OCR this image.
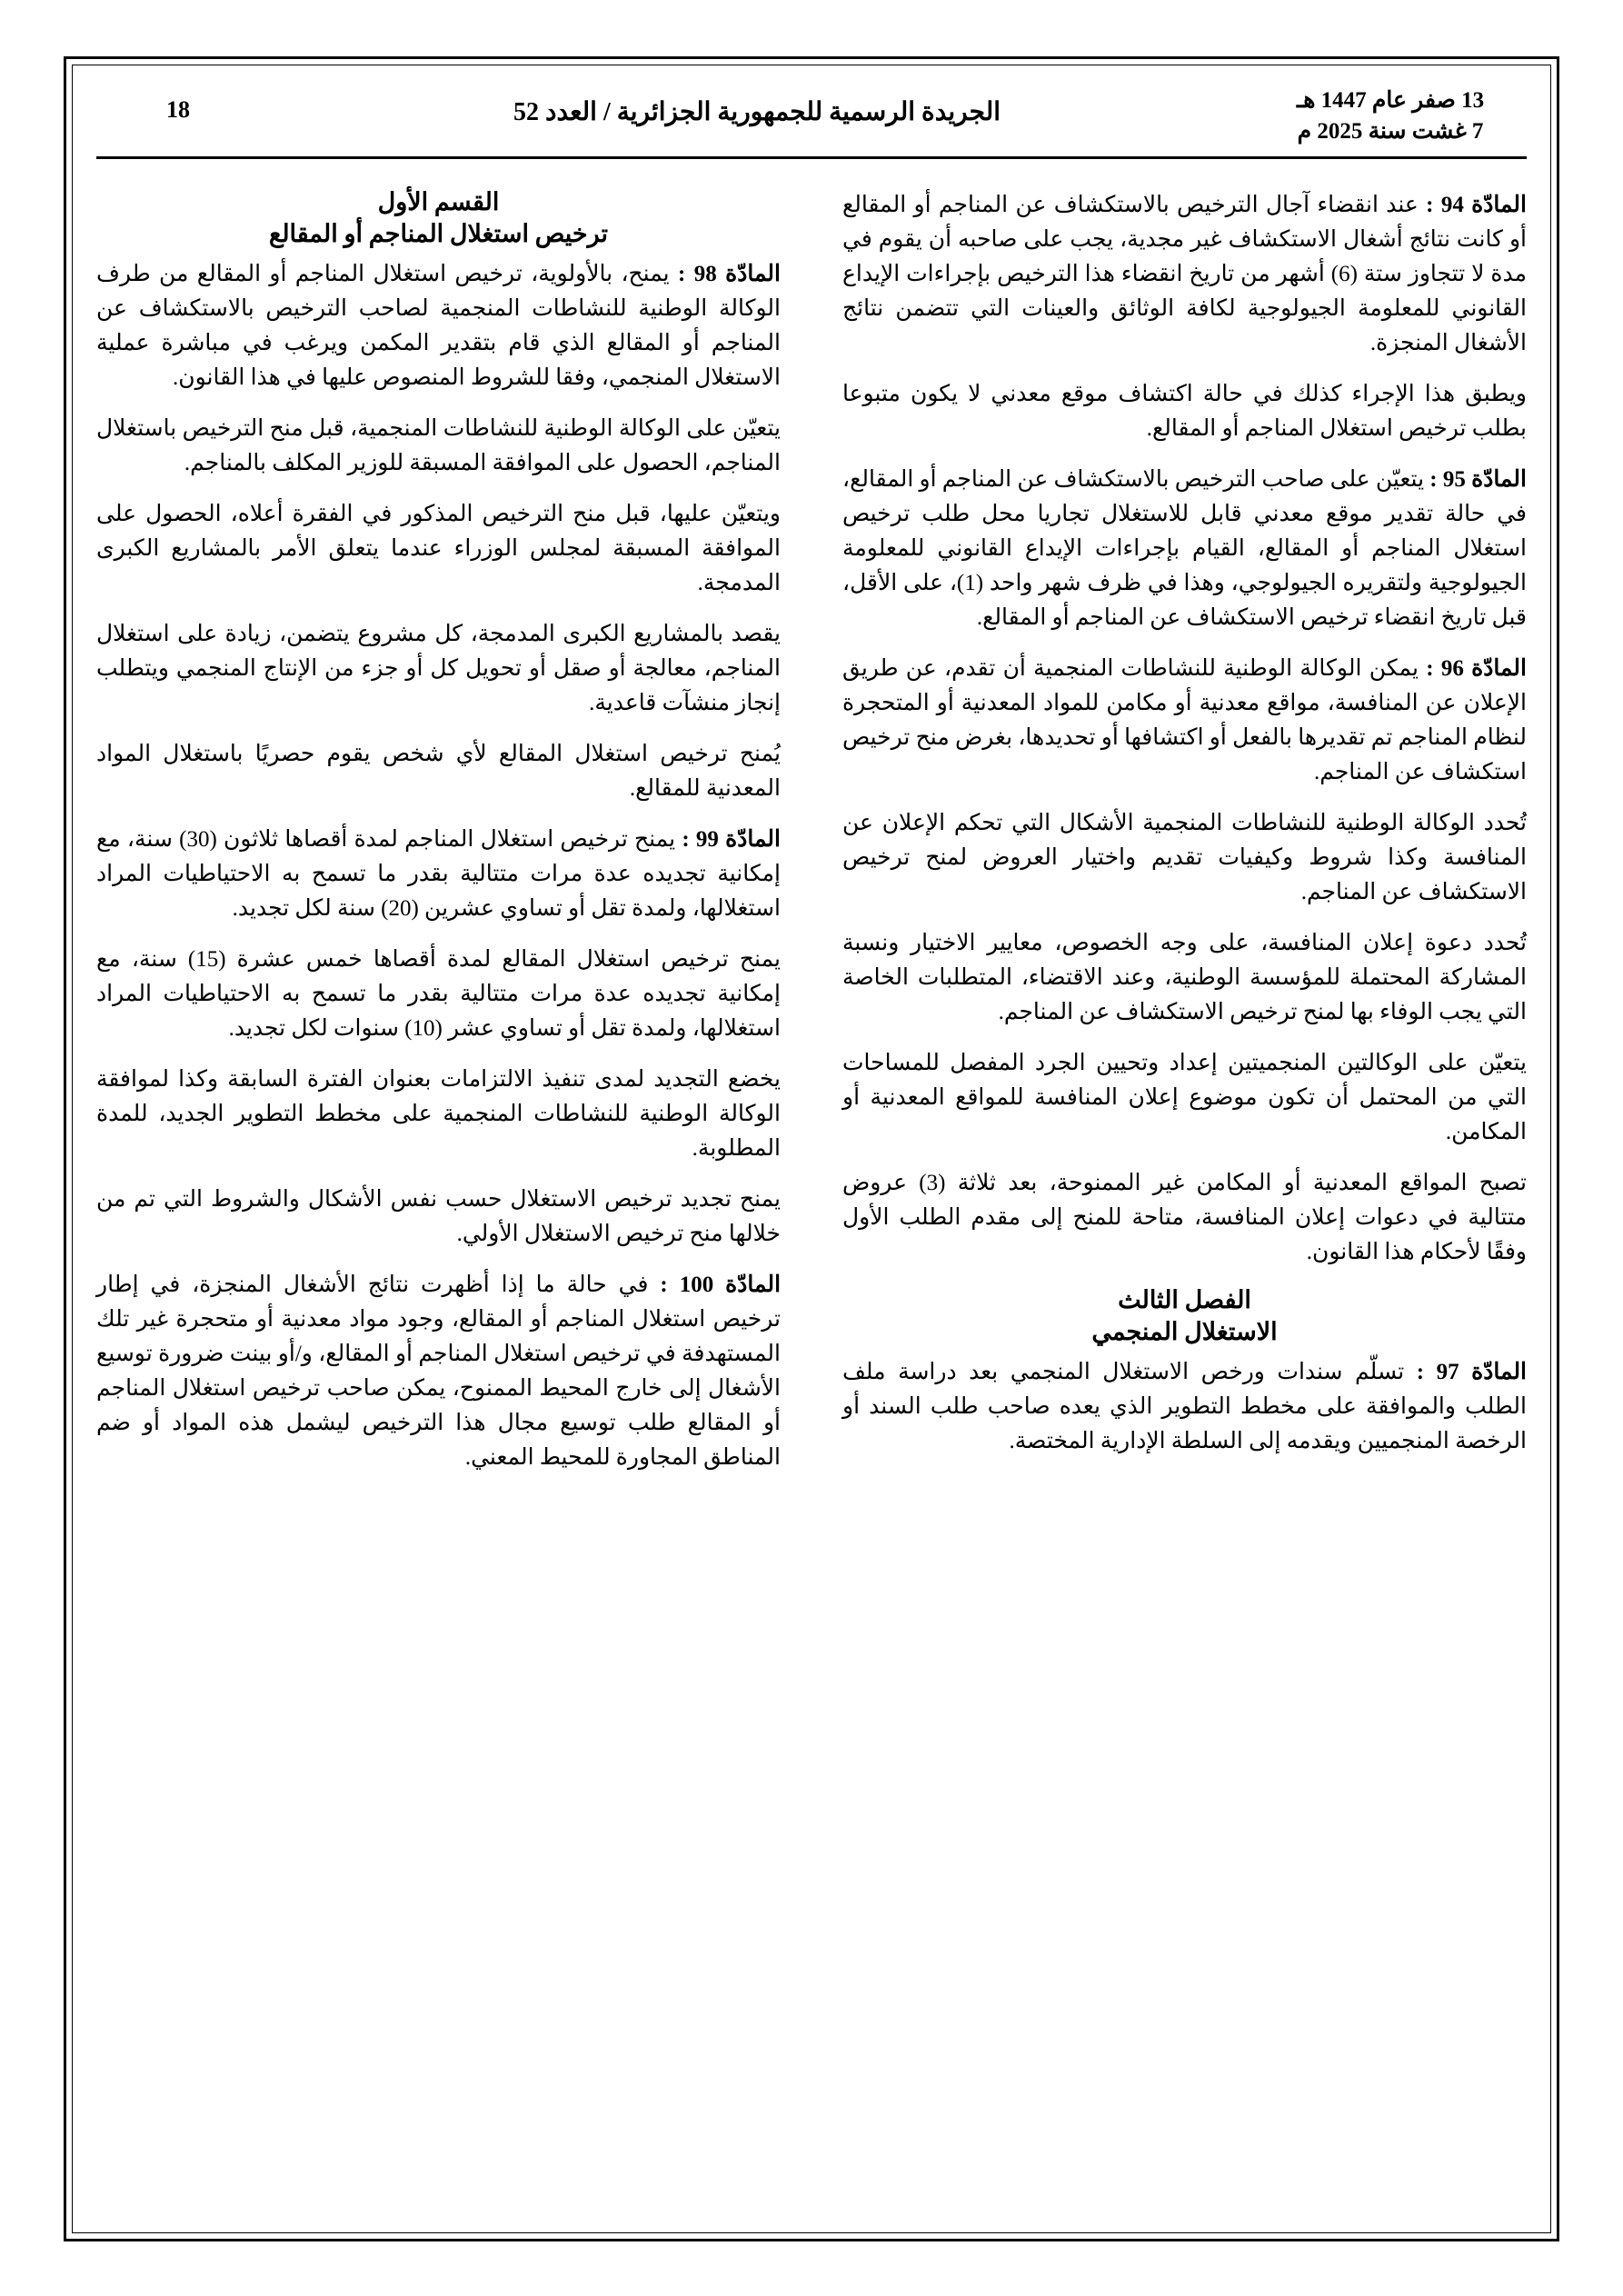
13 صفر عام 1447 هـ
7 غشت سنة 2025 م
الجريدة الرسمية للجمهورية الجزائرية / العدد 52
18

المادّة 94 : عند انقضاء آجال الترخيص بالاستكشاف عن المناجم أو المقالع أو كانت نتائج أشغال الاستكشاف غير مجدية، يجب على صاحبه أن يقوم في مدة لا تتجاوز ستة (6) أشهر من تاريخ انقضاء هذا الترخيص بإجراءات الإيداع القانوني للمعلومة الجيولوجية لكافة الوثائق والعينات التي تتضمن نتائج الأشغال المنجزة.

ويطبق هذا الإجراء كذلك في حالة اكتشاف موقع معدني لا يكون متبوعا بطلب ترخيص استغلال المناجم أو المقالع.

المادّة 95 : يتعيّن على صاحب الترخيص بالاستكشاف عن المناجم أو المقالع، في حالة تقدير موقع معدني قابل للاستغلال تجاريا محل طلب ترخيص استغلال المناجم أو المقالع، القيام بإجراءات الإيداع القانوني للمعلومة الجيولوجية ولتقريره الجيولوجي، وهذا في ظرف شهر واحد (1)، على الأقل، قبل تاريخ انقضاء ترخيص الاستكشاف عن المناجم أو المقالع.

المادّة 96 : يمكن الوكالة الوطنية للنشاطات المنجمية أن تقدم، عن طريق الإعلان عن المنافسة، مواقع معدنية أو مكامن للمواد المعدنية أو المتحجرة لنظام المناجم تم تقديرها بالفعل أو اكتشافها أو تحديدها، بغرض منح ترخيص استكشاف عن المناجم.

تُحدد الوكالة الوطنية للنشاطات المنجمية الأشكال التي تحكم الإعلان عن المنافسة وكذا شروط وكيفيات تقديم واختيار العروض لمنح ترخيص الاستكشاف عن المناجم.

تُحدد دعوة إعلان المنافسة، على وجه الخصوص، معايير الاختيار ونسبة المشاركة المحتملة للمؤسسة الوطنية، وعند الاقتضاء، المتطلبات الخاصة التي يجب الوفاء بها لمنح ترخيص الاستكشاف عن المناجم.

يتعيّن على الوكالتين المنجميتين إعداد وتحيين الجرد المفصل للمساحات التي من المحتمل أن تكون موضوع إعلان المنافسة للمواقع المعدنية أو المكامن.

تصبح المواقع المعدنية أو المكامن غير الممنوحة، بعد ثلاثة (3) عروض متتالية في دعوات إعلان المنافسة، متاحة للمنح إلى مقدم الطلب الأول وفقًا لأحكام هذا القانون.

الفصل الثالث
الاستغلال المنجمي

المادّة 97 : تسلّم سندات ورخص الاستغلال المنجمي بعد دراسة ملف الطلب والموافقة على مخطط التطوير الذي يعده صاحب طلب السند أو الرخصة المنجميين ويقدمه إلى السلطة الإدارية المختصة.

القسم الأول
ترخيص استغلال المناجم أو المقالع

المادّة 98 : يمنح، بالأولوية، ترخيص استغلال المناجم أو المقالع من طرف الوكالة الوطنية للنشاطات المنجمية لصاحب الترخيص بالاستكشاف عن المناجم أو المقالع الذي قام بتقدير المكمن ويرغب في مباشرة عملية الاستغلال المنجمي، وفقا للشروط المنصوص عليها في هذا القانون.

يتعيّن على الوكالة الوطنية للنشاطات المنجمية، قبل منح الترخيص باستغلال المناجم، الحصول على الموافقة المسبقة للوزير المكلف بالمناجم.

ويتعيّن عليها، قبل منح الترخيص المذكور في الفقرة أعلاه، الحصول على الموافقة المسبقة لمجلس الوزراء عندما يتعلق الأمر بالمشاريع الكبرى المدمجة.

يقصد بالمشاريع الكبرى المدمجة، كل مشروع يتضمن، زيادة على استغلال المناجم، معالجة أو صقل أو تحويل كل أو جزء من الإنتاج المنجمي ويتطلب إنجاز منشآت قاعدية.

يُمنح ترخيص استغلال المقالع لأي شخص يقوم حصريًا باستغلال المواد المعدنية للمقالع.

المادّة 99 : يمنح ترخيص استغلال المناجم لمدة أقصاها ثلاثون (30) سنة، مع إمكانية تجديده عدة مرات متتالية بقدر ما تسمح به الاحتياطيات المراد استغلالها، ولمدة تقل أو تساوي عشرين (20) سنة لكل تجديد.

يمنح ترخيص استغلال المقالع لمدة أقصاها خمس عشرة (15) سنة، مع إمكانية تجديده عدة مرات متتالية بقدر ما تسمح به الاحتياطيات المراد استغلالها، ولمدة تقل أو تساوي عشر (10) سنوات لكل تجديد.

يخضع التجديد لمدى تنفيذ الالتزامات بعنوان الفترة السابقة وكذا لموافقة الوكالة الوطنية للنشاطات المنجمية على مخطط التطوير الجديد، للمدة المطلوبة.

يمنح تجديد ترخيص الاستغلال حسب نفس الأشكال والشروط التي تم من خلالها منح ترخيص الاستغلال الأولي.

المادّة 100 : في حالة ما إذا أظهرت نتائج الأشغال المنجزة، في إطار ترخيص استغلال المناجم أو المقالع، وجود مواد معدنية أو متحجرة غير تلك المستهدفة في ترخيص استغلال المناجم أو المقالع، و/أو بينت ضرورة توسيع الأشغال إلى خارج المحيط الممنوح، يمكن صاحب ترخيص استغلال المناجم أو المقالع طلب توسيع مجال هذا الترخيص ليشمل هذه المواد أو ضم المناطق المجاورة للمحيط المعني.
